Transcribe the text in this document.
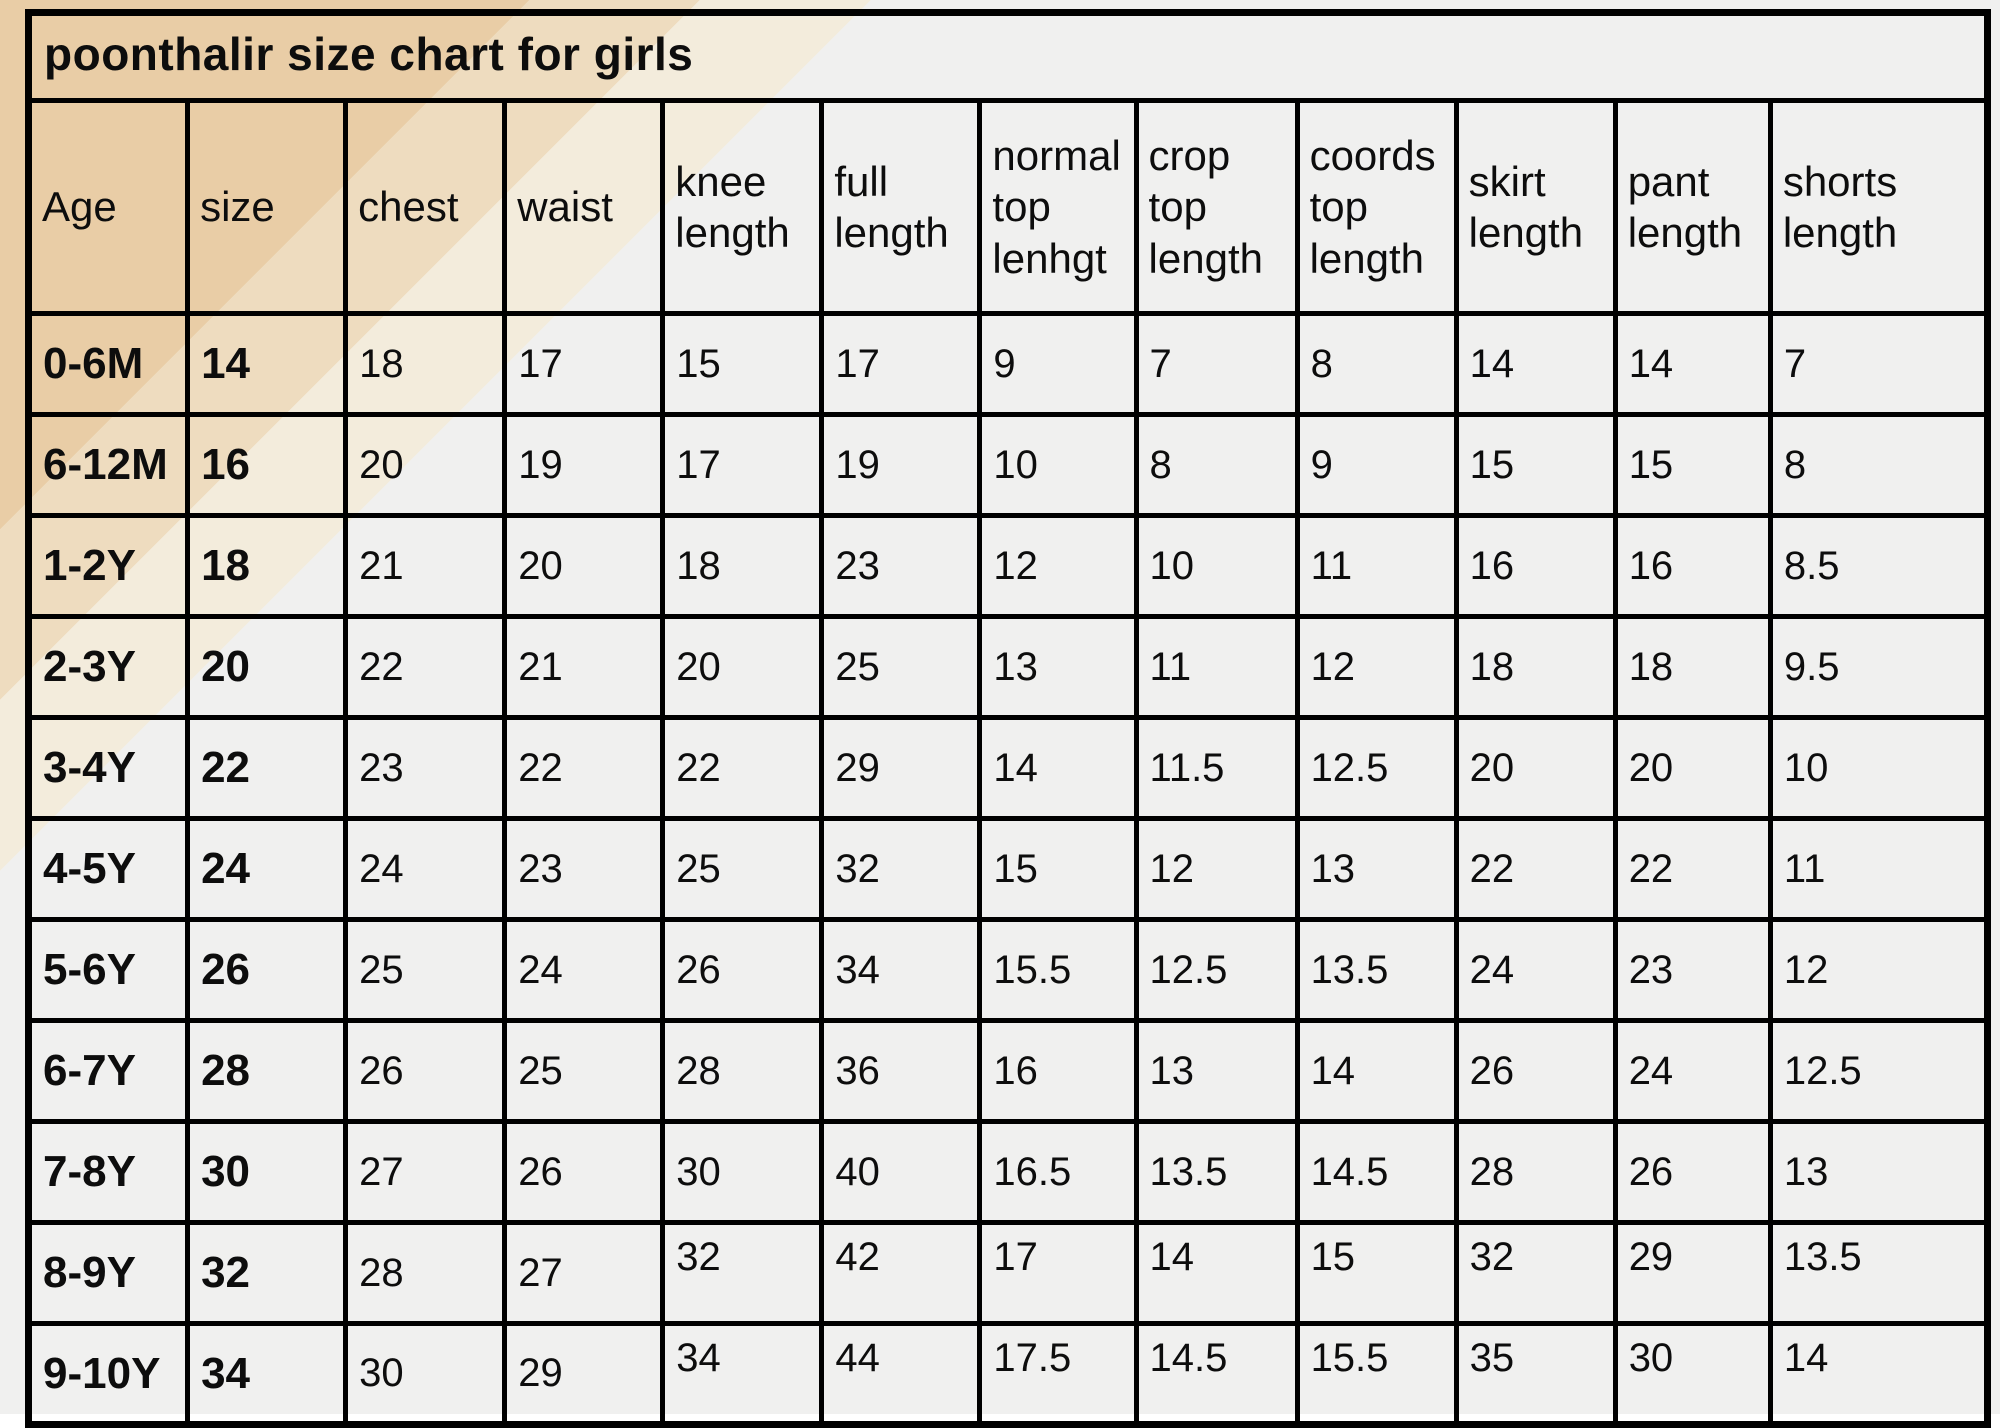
poonthalir size chart for girls											
Age	size	chest	waist	knee length	full length	normal top lenhgt	crop top length	coords top length	skirt length	pant length	shorts length
0-6M	14	18	17	15	17	9	7	8	14	14	7
6-12M	16	20	19	17	19	10	8	9	15	15	8
1-2Y	18	21	20	18	23	12	10	11	16	16	8.5
2-3Y	20	22	21	20	25	13	11	12	18	18	9.5
3-4Y	22	23	22	22	29	14	11.5	12.5	20	20	10
4-5Y	24	24	23	25	32	15	12	13	22	22	11
5-6Y	26	25	24	26	34	15.5	12.5	13.5	24	23	12
6-7Y	28	26	25	28	36	16	13	14	26	24	12.5
7-8Y	30	27	26	30	40	16.5	13.5	14.5	28	26	13
8-9Y	32	28	27	32	42	17	14	15	32	29	13.5
9-10Y	34	30	29	34	44	17.5	14.5	15.5	35	30	14
